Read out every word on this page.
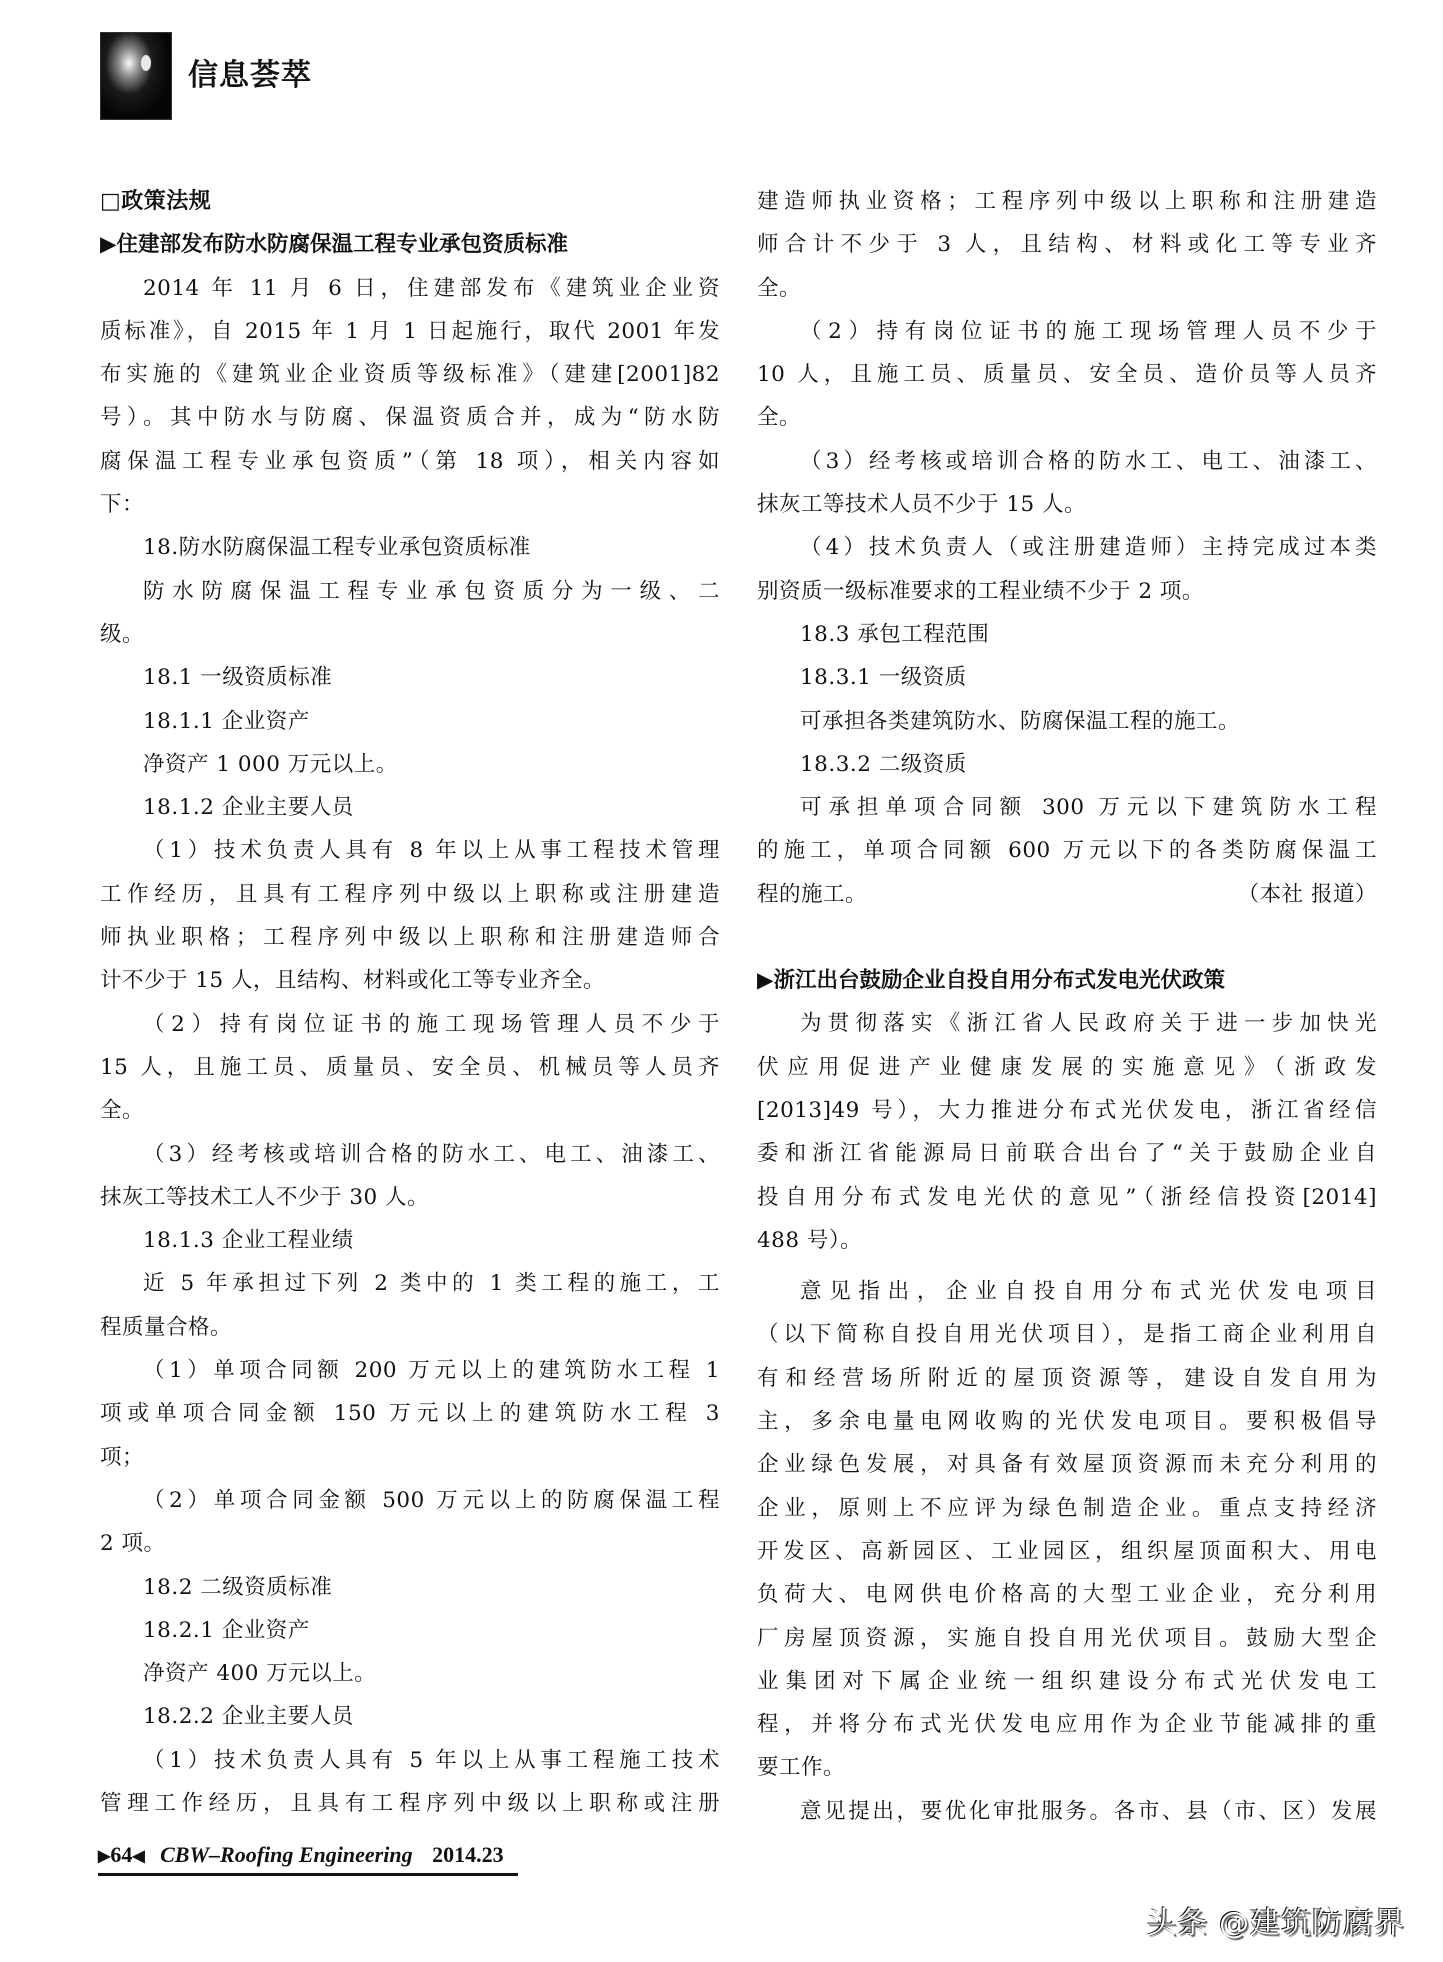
信息荟萃
□政策法规
▶住建部发布防水防腐保温工程专业承包资质标准
2014 年 11 月 6 日，住建部发布《建筑业企业资
质标准》，自 2015 年 1 月 1 日起施行，取代 2001 年发
布实施的《建筑业企业资质等级标准》（建建[2001]82
号）。其中防水与防腐、保温资质合并，成为“防水防
腐保温工程专业承包资质”（第 18 项），相关内容如
下：
18.防水防腐保温工程专业承包资质标准
防水防腐保温工程专业承包资质分为一级、二
级。
18.1 一级资质标准
18.1.1 企业资产
净资产 1 000 万元以上。
18.1.2 企业主要人员
（1）技术负责人具有 8 年以上从事工程技术管理
工作经历，且具有工程序列中级以上职称或注册建造
师执业职格；工程序列中级以上职称和注册建造师合
计不少于 15 人，且结构、材料或化工等专业齐全。
（2）持有岗位证书的施工现场管理人员不少于
15 人，且施工员、质量员、安全员、机械员等人员齐
全。
（3）经考核或培训合格的防水工、电工、油漆工、
抹灰工等技术工人不少于 30 人。
18.1.3 企业工程业绩
近 5 年承担过下列 2 类中的 1 类工程的施工，工
程质量合格。
（1）单项合同额 200 万元以上的建筑防水工程 1
项或单项合同金额 150 万元以上的建筑防水工程 3
项；
（2）单项合同金额 500 万元以上的防腐保温工程
2 项。
18.2 二级资质标准
18.2.1 企业资产
净资产 400 万元以上。
18.2.2 企业主要人员
（1）技术负责人具有 5 年以上从事工程施工技术
管理工作经历，且具有工程序列中级以上职称或注册
建造师执业资格；工程序列中级以上职称和注册建造
师合计不少于 3 人，且结构、材料或化工等专业齐
全。
（2）持有岗位证书的施工现场管理人员不少于
10 人，且施工员、质量员、安全员、造价员等人员齐
全。
（3）经考核或培训合格的防水工、电工、油漆工、
抹灰工等技术人员不少于 15 人。
（4）技术负责人（或注册建造师）主持完成过本类
别资质一级标准要求的工程业绩不少于 2 项。
18.3 承包工程范围
18.3.1 一级资质
可承担各类建筑防水、防腐保温工程的施工。
18.3.2 二级资质
可承担单项合同额 300 万元以下建筑防水工程
的施工，单项合同额 600 万元以下的各类防腐保温工
程的施工。	（本社 报道）
▶浙江出台鼓励企业自投自用分布式发电光伏政策
为贯彻落实《浙江省人民政府关于进一步加快光
伏应用促进产业健康发展的实施意见》（浙政发
[2013]49 号），大力推进分布式光伏发电，浙江省经信
委和浙江省能源局日前联合出台了“关于鼓励企业自
投自用分布式发电光伏的意见”（浙经信投资[2014]
488 号）。
意见指出，企业自投自用分布式光伏发电项目
（以下简称自投自用光伏项目），是指工商企业利用自
有和经营场所附近的屋顶资源等，建设自发自用为
主，多余电量电网收购的光伏发电项目。要积极倡导
企业绿色发展，对具备有效屋顶资源而未充分利用的
企业，原则上不应评为绿色制造企业。重点支持经济
开发区、高新园区、工业园区，组织屋顶面积大、用电
负荷大、电网供电价格高的大型工业企业，充分利用
厂房屋顶资源，实施自投自用光伏项目。鼓励大型企
业集团对下属企业统一组织建设分布式光伏发电工
程，并将分布式光伏发电应用作为企业节能减排的重
要工作。
意见提出，要优化审批服务。各市、县（市、区）发展
▶64◀ CBW–Roofing Engineering 2014.23
头条 @建筑防腐界
